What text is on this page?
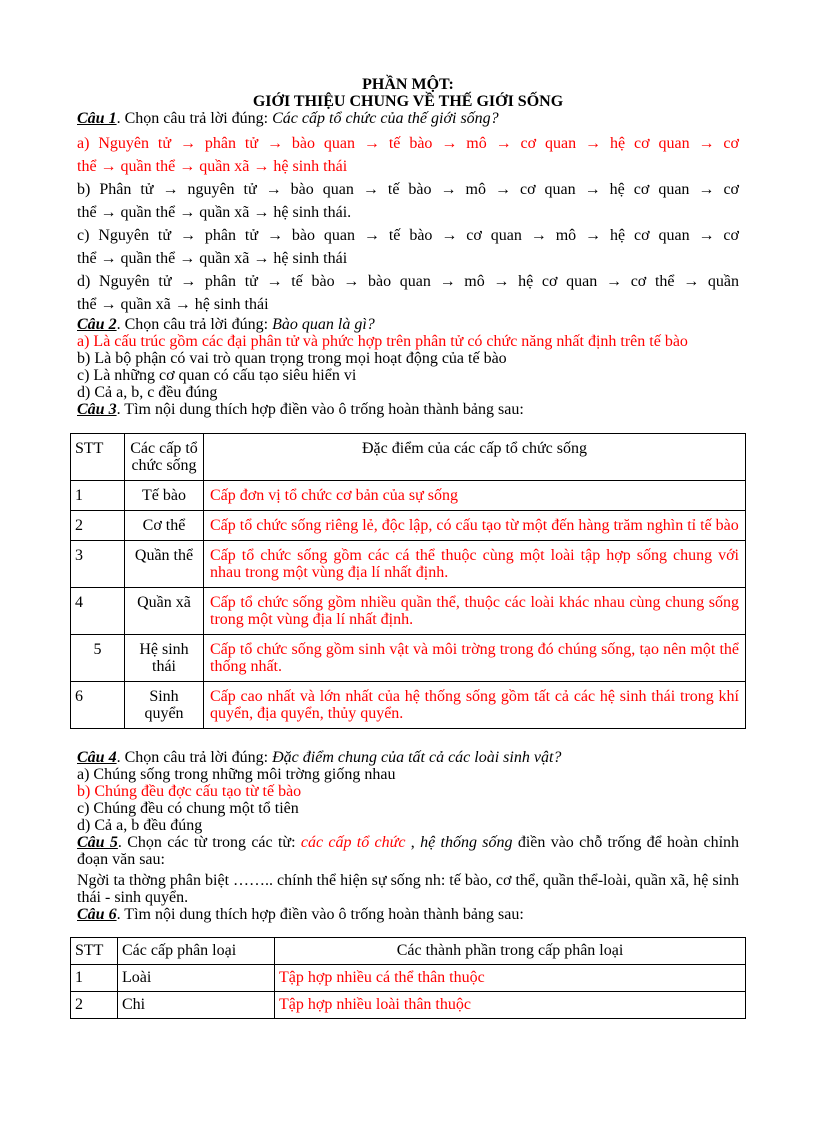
PHẦN MỘT:
GIỚI THIỆU CHUNG VỀ THẾ GIỚI SỐNG

Câu 1. Chọn câu trả lời đúng: Các cấp tổ chức của thế giới sống?

a) Nguyên tử → phân tử → bào quan → tế bào → mô → cơ quan → hệ cơ quan → cơ
thể → quần thể → quần xã → hệ sinh thái
b) Phân tử → nguyên tử → bào quan → tế bào → mô → cơ quan → hệ cơ quan → cơ
thể → quần thể → quần xã → hệ sinh thái.
c) Nguyên tử → phân tử → bào quan → tế bào → cơ quan → mô → hệ cơ quan → cơ
thể → quần thể → quần xã → hệ sinh thái
d) Nguyên tử → phân tử → tế bào → bào quan → mô → hệ cơ quan → cơ thể → quần
thể → quần xã → hệ sinh thái

Câu 2. Chọn câu trả lời đúng: Bào quan là gì?

a) Là cấu trúc gồm các đại phân tử và phức hợp trên phân tử có chức năng nhất định trên tế bào

b) Là bộ phận có vai trò quan trọng trong mọi hoạt động của tế bào

c) Là những cơ quan có cấu tạo siêu hiển vi

d) Cả a, b, c đều đúng

Câu 3. Tìm nội dung thích hợp điền vào ô trống hoàn thành bảng sau:

STT	Các cấp tổ chức sống	Đặc điểm của các cấp tổ chức sống
1	Tế bào	Cấp đơn vị tổ chức cơ bản của sự sống
2	Cơ thể	Cấp tổ chức sống riêng lẻ, độc lập, có cấu tạo từ một đến hàng trăm nghìn tỉ tế bào
3	Quần thể	Cấp tổ chức sống gồm các cá thể thuộc cùng một loài tập hợp sống chung với nhau trong một vùng địa lí nhất định.
4	Quần xã	Cấp tổ chức sống gồm nhiều quần thể, thuộc các loài khác nhau cùng chung sống trong một vùng địa lí nhất định.
5	Hệ sinh thái	Cấp tổ chức sống gồm sinh vật và môi trờng trong đó chúng sống, tạo nên một thể thống nhất.
6	Sinh quyển	Cấp cao nhất và lớn nhất của hệ thống sống gồm tất cả các hệ sinh thái trong khí quyển, địa quyển, thủy quyển.

Câu 4. Chọn câu trả lời đúng: Đặc điểm chung của tất cả các loài sinh vật?

a) Chúng sống trong những môi trờng giống nhau

b) Chúng đều đợc cấu tạo từ tế bào

c) Chúng đều có chung một tổ tiên

d) Cả a, b đều đúng

Câu 5. Chọn các từ trong các từ: các cấp tổ chức , hệ thống sống điền vào chỗ trống để hoàn chỉnh đoạn văn sau:

Ngời ta thờng phân biệt …….. chính thể hiện sự sống nh: tế bào, cơ thể, quần thể-loài, quần xã, hệ sinh thái - sinh quyển.

Câu 6. Tìm nội dung thích hợp điền vào ô trống hoàn thành bảng sau:

STT	Các cấp phân loại	Các thành phần trong cấp phân loại
1	Loài	Tập hợp nhiều cá thể thân thuộc
2	Chi	Tập hợp nhiều loài thân thuộc
